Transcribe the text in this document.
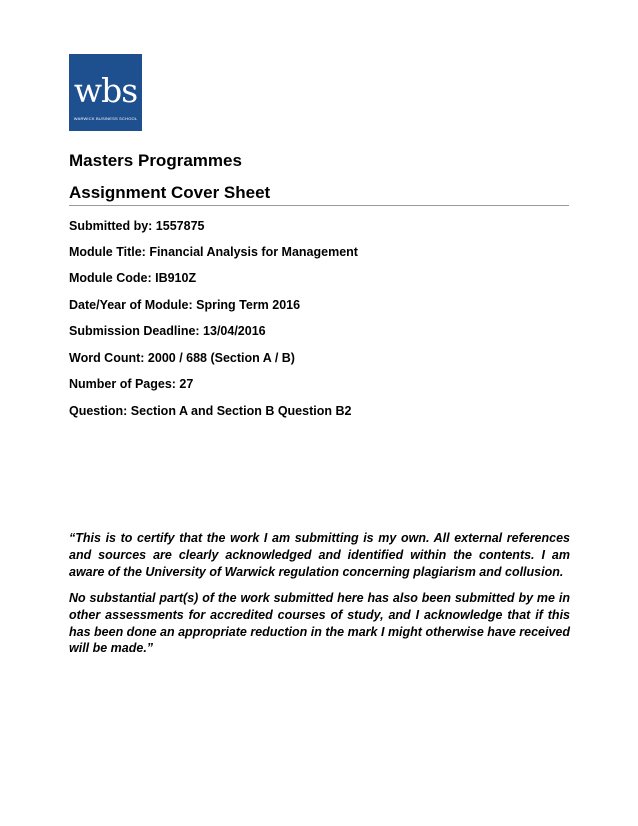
wbs
WARWICK BUSINESS SCHOOL
Masters Programmes
Assignment Cover Sheet
Submitted by: 1557875
Module Title: Financial Analysis for Management
Module Code: IB910Z
Date/Year of Module: Spring Term 2016
Submission Deadline: 13/04/2016
Word Count: 2000 / 688 (Section A / B)
Number of Pages: 27
Question: Section A and Section B Question B2

“This is to certify that the work I am submitting is my own. All external references and sources are clearly acknowledged and identified within the contents. I am aware of the University of Warwick regulation concerning plagiarism and collusion.

No substantial part(s) of the work submitted here has also been submitted by me in other assessments for accredited courses of study, and I acknowledge that if this has been done an appropriate reduction in the mark I might otherwise have received will be made.”
